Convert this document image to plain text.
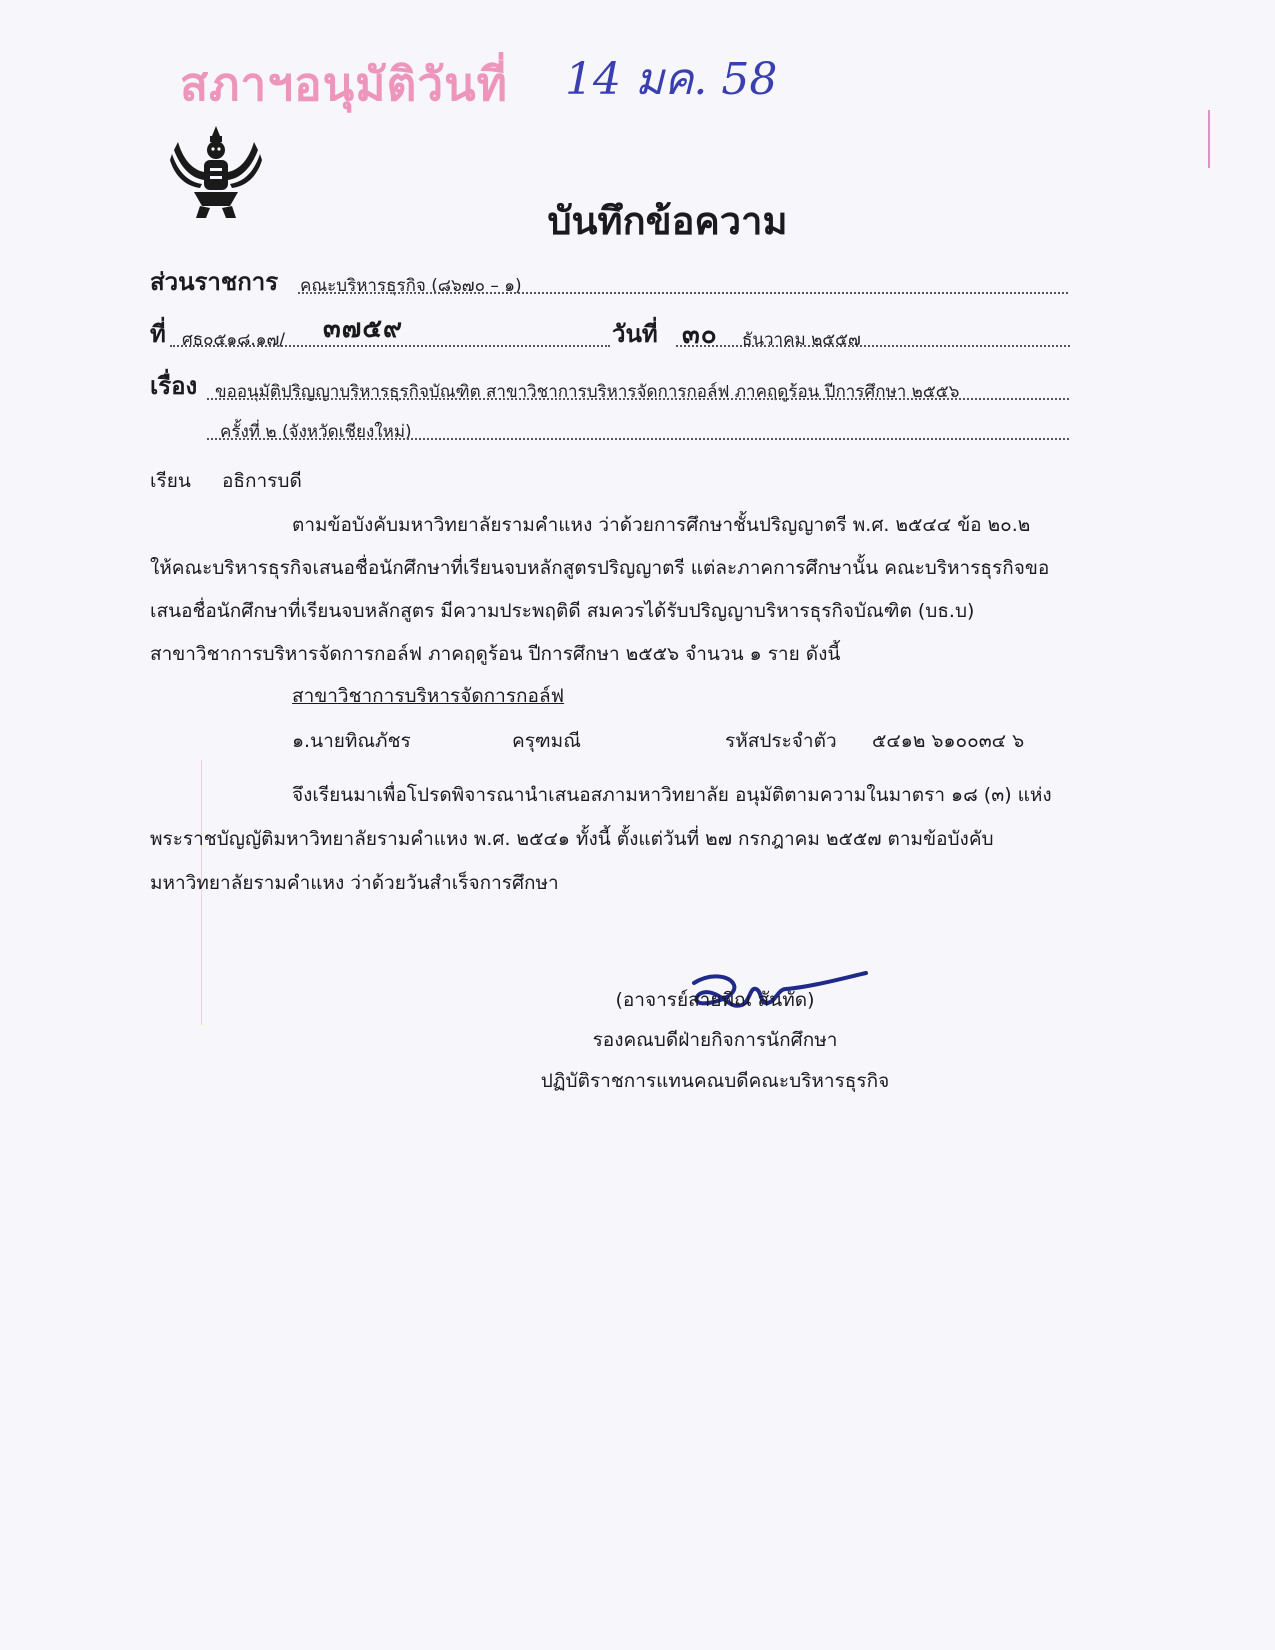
สภาฯอนุมัติวันที่ 14 มค. 58
บันทึกข้อความ
ส่วนราชการ คณะบริหารธุรกิจ (๘๖๗๐ – ๑)
ที่ ศธ๐๕๑๘.๑๗/ ๓๗๕๙	วันที่ ๓๐ ธันวาคม ๒๕๕๗
เรื่อง ขออนุมัติปริญญาบริหารธุรกิจบัณฑิต สาขาวิชาการบริหารจัดการกอล์ฟ ภาคฤดูร้อน ปีการศึกษา ๒๕๕๖
ครั้งที่ ๒ (จังหวัดเชียงใหม่)
เรียน อธิการบดี
ตามข้อบังคับมหาวิทยาลัยรามคำแหง ว่าด้วยการศึกษาชั้นปริญญาตรี พ.ศ. ๒๕๔๔ ข้อ ๒๐.๒
ให้คณะบริหารธุรกิจเสนอชื่อนักศึกษาที่เรียนจบหลักสูตรปริญญาตรี แต่ละภาคการศึกษานั้น คณะบริหารธุรกิจขอ
เสนอชื่อนักศึกษาที่เรียนจบหลักสูตร มีความประพฤติดี สมควรได้รับปริญญาบริหารธุรกิจบัณฑิต (บธ.บ)
สาขาวิชาการบริหารจัดการกอล์ฟ ภาคฤดูร้อน ปีการศึกษา ๒๕๕๖ จำนวน ๑ ราย ดังนี้
สาขาวิชาการบริหารจัดการกอล์ฟ
๑.นายทิณภัชร	ครุฑมณี	รหัสประจำตัว ๕๔๑๒ ๖๑๐๐๓๔ ๖
จึงเรียนมาเพื่อโปรดพิจารณานำเสนอสภามหาวิทยาลัย อนุมัติตามความในมาตรา ๑๘ (๓) แห่ง
พระราชบัญญัติมหาวิทยาลัยรามคำแหง พ.ศ. ๒๕๔๑ ทั้งนี้ ตั้งแต่วันที่ ๒๗ กรกฎาคม ๒๕๕๗ ตามข้อบังคับ
มหาวิทยาลัยรามคำแหง ว่าด้วยวันสำเร็จการศึกษา
(อาจารย์สายพิณ สันทัด)
รองคณบดีฝ่ายกิจการนักศึกษา
ปฏิบัติราชการแทนคณบดีคณะบริหารธุรกิจ
